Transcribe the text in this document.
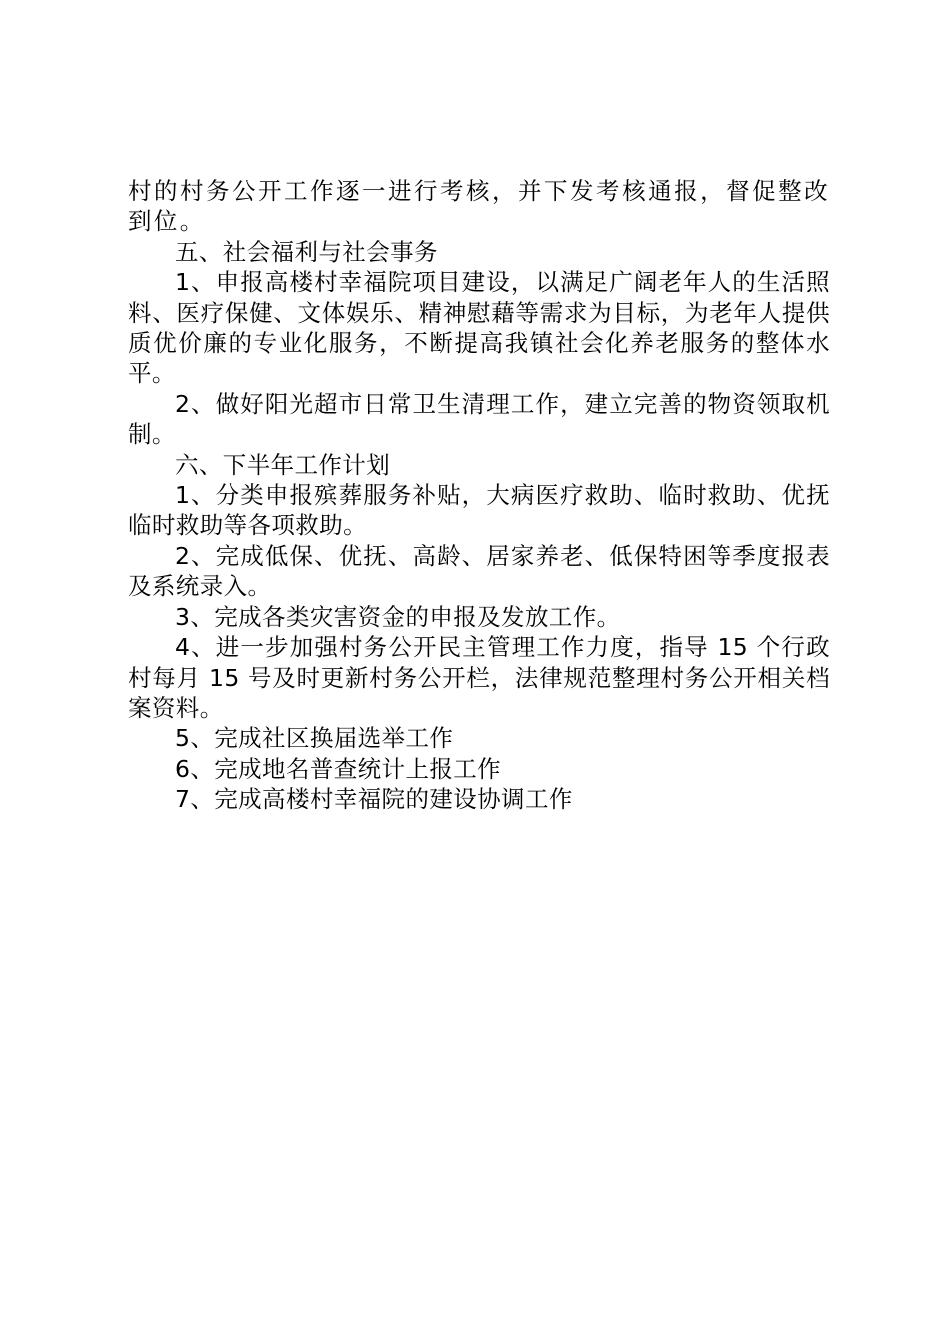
村的村务公开工作逐一进行考核，并下发考核通报，督促整改到位。

五、社会福利与社会事务

1、申报高楼村幸福院项目建设，以满足广阔老年人的生活照料、医疗保健、文体娱乐、精神慰藉等需求为目标，为老年人提供质优价廉的专业化服务，不断提高我镇社会化养老服务的整体水平。

2、做好阳光超市日常卫生清理工作，建立完善的物资领取机制。

六、下半年工作计划

1、分类申报殡葬服务补贴，大病医疗救助、临时救助、优抚临时救助等各项救助。

2、完成低保、优抚、高龄、居家养老、低保特困等季度报表及系统录入。

3、完成各类灾害资金的申报及发放工作。

4、进一步加强村务公开民主管理工作力度，指导 15 个行政村每月 15 号及时更新村务公开栏，法律规范整理村务公开相关档案资料。

5、完成社区换届选举工作

6、完成地名普查统计上报工作

7、完成高楼村幸福院的建设协调工作
